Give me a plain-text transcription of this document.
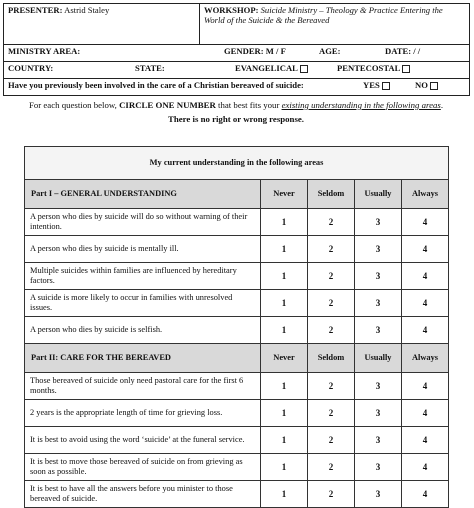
PRESENTER: Astrid Staley	WORKSHOP: Suicide Ministry – Theology & Practice Entering the World of the Suicide & the Bereaved
MINISTRY AREA:	GENDER: M / F	AGE:	DATE: / /

COUNTRY:	STATE:	EVANGELICAL	PENTECOSTAL

Have you previously been involved in the care of a Christian bereaved of suicide:	YES	NO
For each question below, CIRCLE ONE NUMBER that best fits your existing understanding in the following areas.
There is no right or wrong response.
My current understanding in the following areas				
Part I – GENERAL UNDERSTANDING	Never	Seldom	Usually	Always
A person who dies by suicide will do so without warning of their intention.	1	2	3	4
A person who dies by suicide is mentally ill.	1	2	3	4
Multiple suicides within families are influenced by hereditary factors.	1	2	3	4
A suicide is more likely to occur in families with unresolved issues.	1	2	3	4
A person who dies by suicide is selfish.	1	2	3	4
Part II: CARE FOR THE BEREAVED	Never	Seldom	Usually	Always
Those bereaved of suicide only need pastoral care for the first 6 months.	1	2	3	4
2 years is the appropriate length of time for grieving loss.	1	2	3	4
It is best to avoid using the word ‘suicide’ at the funeral service.	1	2	3	4
It is best to move those bereaved of suicide on from grieving as soon as possible.	1	2	3	4
It is best to have all the answers before you minister to those bereaved of suicide.	1	2	3	4
